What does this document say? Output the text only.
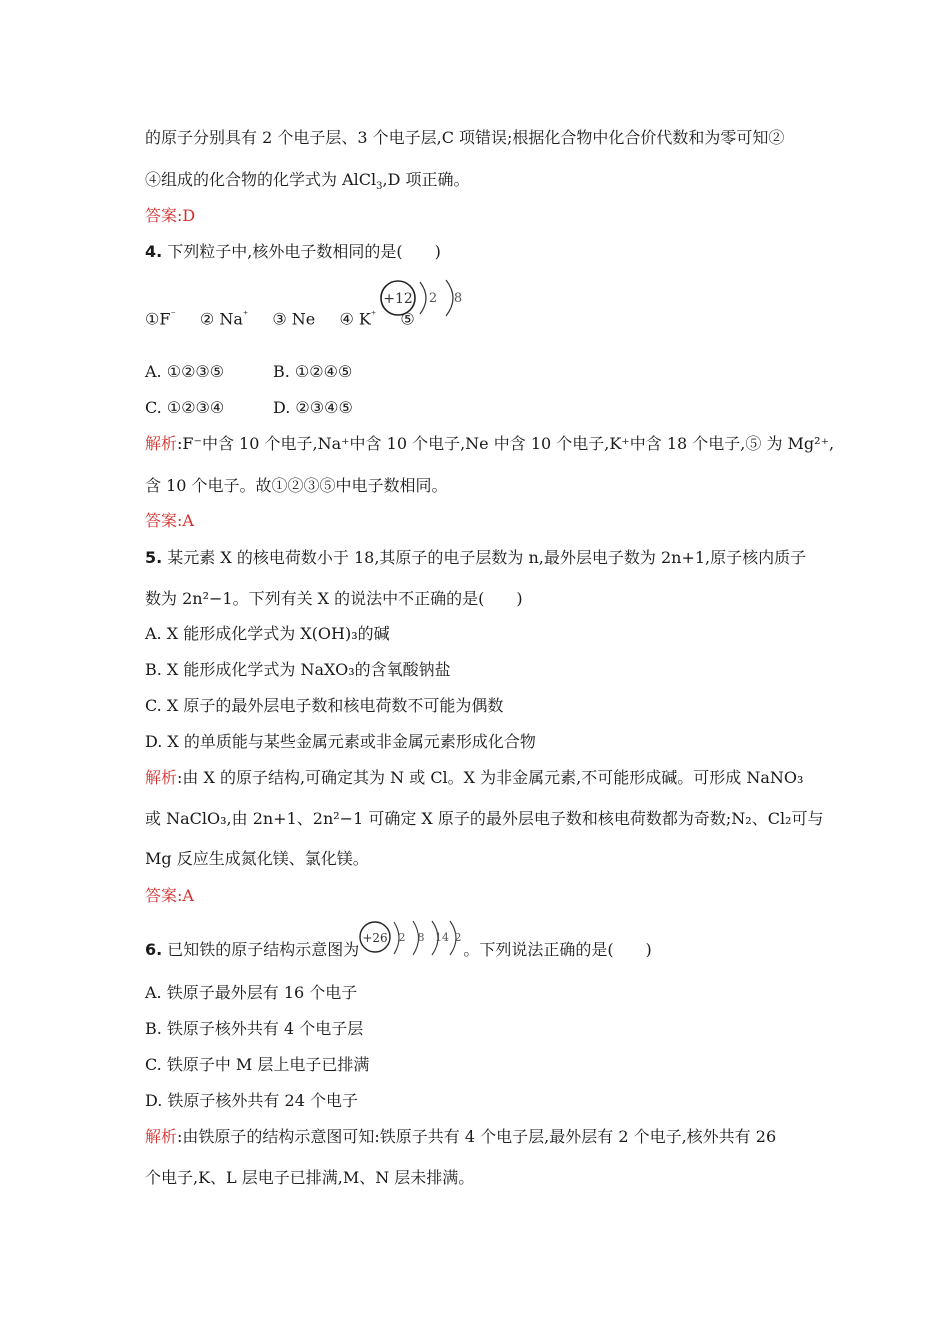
的原子分别具有 2 个电子层、3 个电子层,C 项错误;根据化合物中化合价代数和为零可知②
④组成的化合物的化学式为 AlCl$_3$,D 项正确。
答案:D
4. 下列粒子中,核外电子数相同的是(　　)
①F⁻ ② Na⁺ ③ Ne ④ K⁺ ⑤
+12 2 8
A. ①②③⑤	B. ①②④⑤
C. ①②③④	D. ②③④⑤
解析:F⁻中含 10 个电子,Na⁺中含 10 个电子,Ne 中含 10 个电子,K⁺中含 18 个电子,⑤ 为 Mg²⁺,
含 10 个电子。故①②③⑤中电子数相同。
答案:A
5. 某元素 X 的核电荷数小于 18,其原子的电子层数为 n,最外层电子数为 2n+1,原子核内质子
数为 2n²−1。下列有关 X 的说法中不正确的是(　　)
A. X 能形成化学式为 X(OH)₃的碱
B. X 能形成化学式为 NaXO₃的含氧酸钠盐
C. X 原子的最外层电子数和核电荷数不可能为偶数
D. X 的单质能与某些金属元素或非金属元素形成化合物
解析:由 X 的原子结构,可确定其为 N 或 Cl。X 为非金属元素,不可能形成碱。可形成 NaNO₃
或 NaClO₃,由 2n+1、2n²−1 可确定 X 原子的最外层电子数和核电荷数都为奇数;N₂、Cl₂可与
Mg 反应生成氮化镁、氯化镁。
答案:A
6. 已知铁的原子结构示意图为	。下列说法正确的是(　　)
+26 2 8 14 2
A. 铁原子最外层有 16 个电子
B. 铁原子核外共有 4 个电子层
C. 铁原子中 M 层上电子已排满
D. 铁原子核外共有 24 个电子
解析:由铁原子的结构示意图可知:铁原子共有 4 个电子层,最外层有 2 个电子,核外共有 26
个电子,K、L 层电子已排满,M、N 层未排满。
